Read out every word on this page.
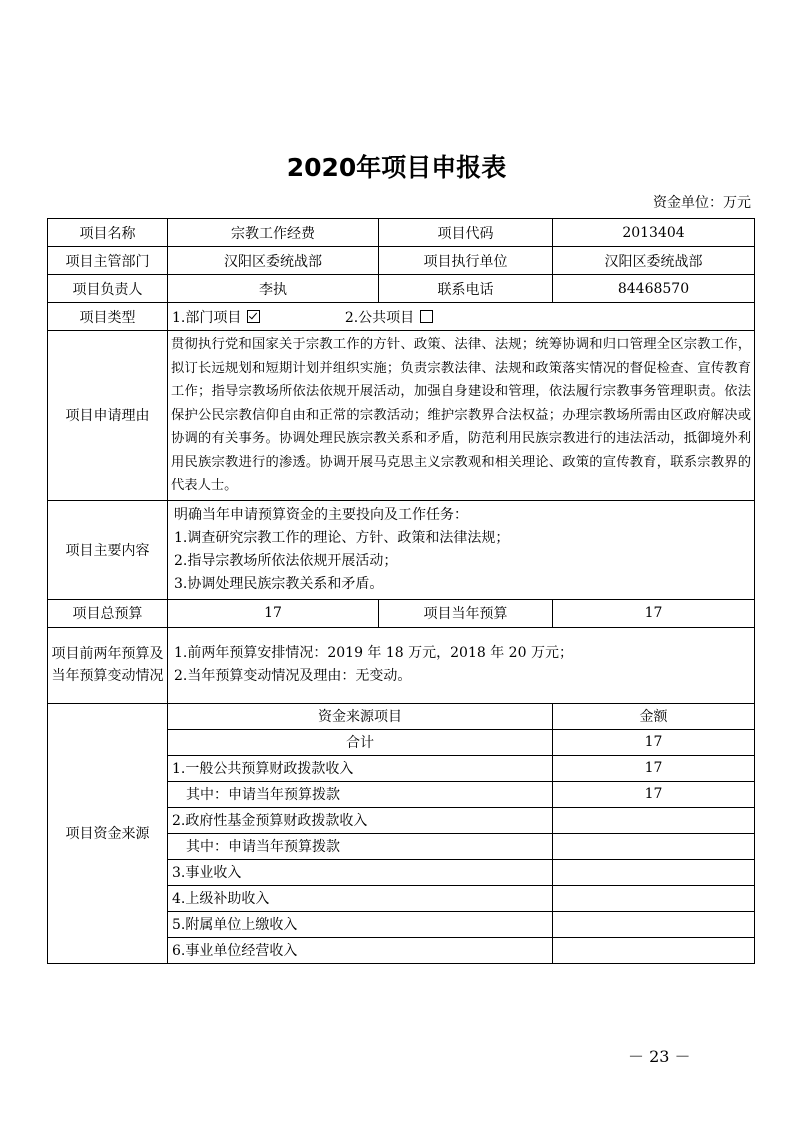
2020年项目申报表
资金单位：万元
项目名称	宗教工作经费	项目代码	2013404
项目主管部门	汉阳区委统战部	项目执行单位	汉阳区委统战部
项目负责人	李执	联系电话	84468570
项目类型	1.部门项目 2.公共项目		
项目申请理由	贯彻执行党和国家关于宗教工作的方针、政策、法律、法规；统筹协调和归口管理全区宗教工作，拟订长远规划和短期计划并组织实施；负责宗教法律、法规和政策落实情况的督促检查、宣传教育工作；指导宗教场所依法依规开展活动，加强自身建设和管理，依法履行宗教事务管理职责。依法保护公民宗教信仰自由和正常的宗教活动；维护宗教界合法权益；办理宗教场所需由区政府解决或协调的有关事务。协调处理民族宗教关系和矛盾，防范利用民族宗教进行的违法活动，抵御境外利用民族宗教进行的渗透。协调开展马克思主义宗教观和相关理论、政策的宣传教育，联系宗教界的代表人士。		
项目主要内容	明确当年申请预算资金的主要投向及工作任务：
1.调查研究宗教工作的理论、方针、政策和法律法规；
2.指导宗教场所依法依规开展活动；
3.协调处理民族宗教关系和矛盾。		

项目总预算	17	项目当年预算	17
项目前两年预算及当年预算变动情况	1.前两年预算安排情况：2019 年 18 万元，2018 年 20 万元；
2.当年预算变动情况及理由：无变动。		

项目资金来源	资金来源项目		金额
	合计		17
	1.一般公共预算财政拨款收入		17
	其中：申请当年预算拨款		17
	2.政府性基金预算财政拨款收入		
	其中：申请当年预算拨款		
	3.事业收入		
	4.上级补助收入		
	5.附属单位上缴收入		
	6.事业单位经营收入		
－ 23 －
